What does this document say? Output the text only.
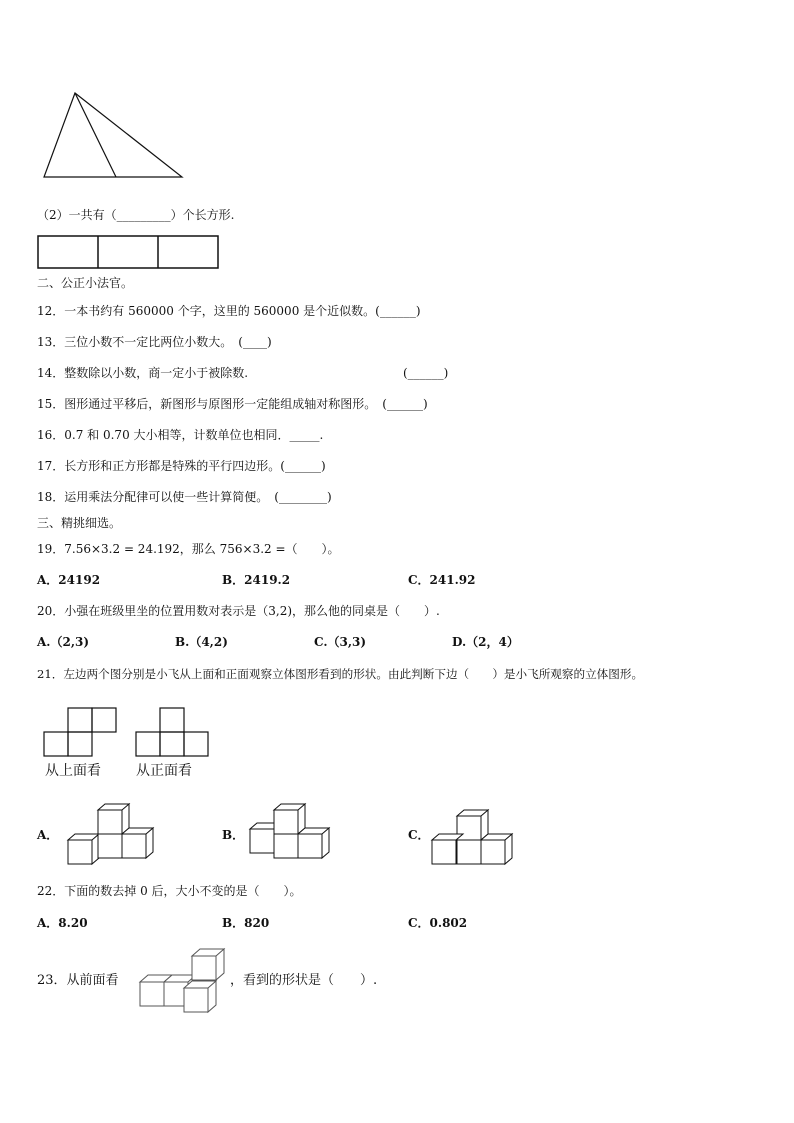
（2）一共有（_________）个长方形.
二、公正小法官。
12．一本书约有 560000 个字，这里的 560000 是个近似数。(______)
13．三位小数不一定比两位小数大。　(____)
14．整数除以小数，商一定小于被除数.	(______)
15．图形通过平移后，新图形与原图形一定能组成轴对称图形。　(______)
16．0.7 和 0.70 大小相等，计数单位也相同．_____.
17．长方形和正方形都是特殊的平行四边形。(______)
18．运用乘法分配律可以使一些计算简便。　(________)
三、精挑细选。
19．7.56×3.2 = 24.192，那么 756×3.2 =（　　）。
A．24192	B．2419.2	C．241.92
20．小强在班级里坐的位置用数对表示是（3,2)，那么他的同桌是（　　）.
A.（2,3)	B.（4,2)	C.（3,3)	D.（2，4）
21．左边两个图分别是小飞从上面和正面观察立体图形看到的形状。由此判断下边（　　）是小飞所观察的立体图形。
从上面看	从正面看
A．	B．	C．
22．下面的数去掉 0 后，大小不变的是（　　）。
A．8.20	B．820	C．0.802
23．从前面看	，看到的形状是（　　）.
